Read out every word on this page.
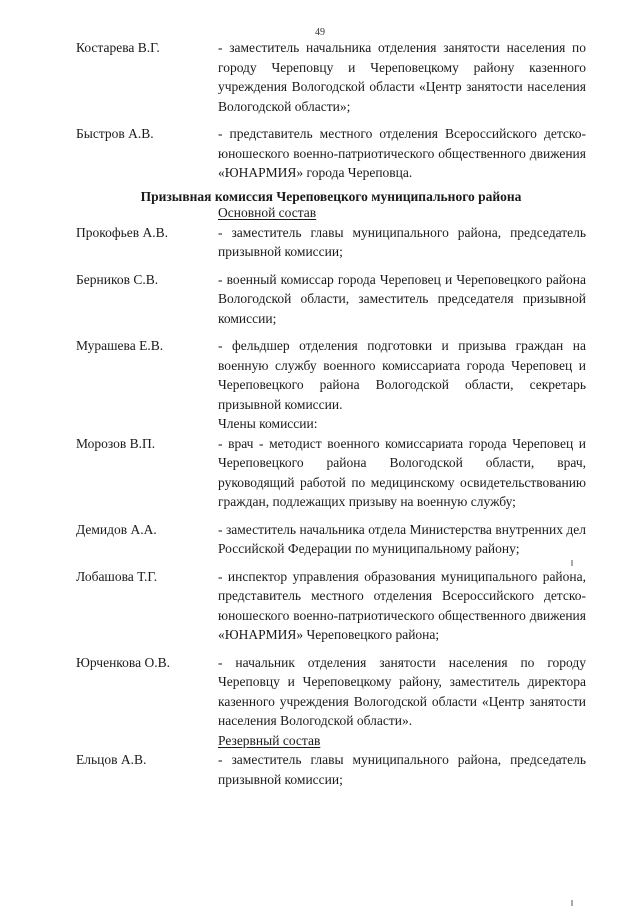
49
Костарева В.Г.	- заместитель начальника отделения занятости населения по городу Череповцу и Череповецкому району казенного учреждения Вологодской области «Центр занятости населения Вологодской области»;
Быстров А.В.	- представитель местного отделения Всероссийского детско-юношеского военно-патриотического общественного движения «ЮНАРМИЯ» города Череповца.
Призывная комиссия Череповецкого муниципального района
Основной состав
Прокофьев А.В.	- заместитель главы муниципального района, председатель призывной комиссии;
Берников С.В.	- военный комиссар города Череповец и Череповецкого района Вологодской области, заместитель председателя призывной комиссии;
Мурашева Е.В.	- фельдшер отделения подготовки и призыва граждан на военную службу военного комиссариата города Череповец и Череповецкого района Вологодской области, секретарь призывной комиссии.
Члены комиссии:
Морозов В.П.	- врач - методист военного комиссариата города Череповец и Череповецкого района Вологодской области, врач, руководящий работой по медицинскому освидетельствованию граждан, подлежащих призыву на военную службу;
Демидов А.А.	- заместитель начальника отдела Министерства внутренних дел Российской Федерации по муниципальному району;
Лобашова Т.Г.	- инспектор управления образования муниципального района, представитель местного отделения Всероссийского детско-юношеского военно-патриотического общественного движения «ЮНАРМИЯ» Череповецкого района;
Юрченкова О.В.	- начальник отделения занятости населения по городу Череповцу и Череповецкому району, заместитель директора казенного учреждения Вологодской области «Центр занятости населения Вологодской области».
Резервный состав
Ельцов А.В.	- заместитель главы муниципального района, председатель призывной комиссии;
